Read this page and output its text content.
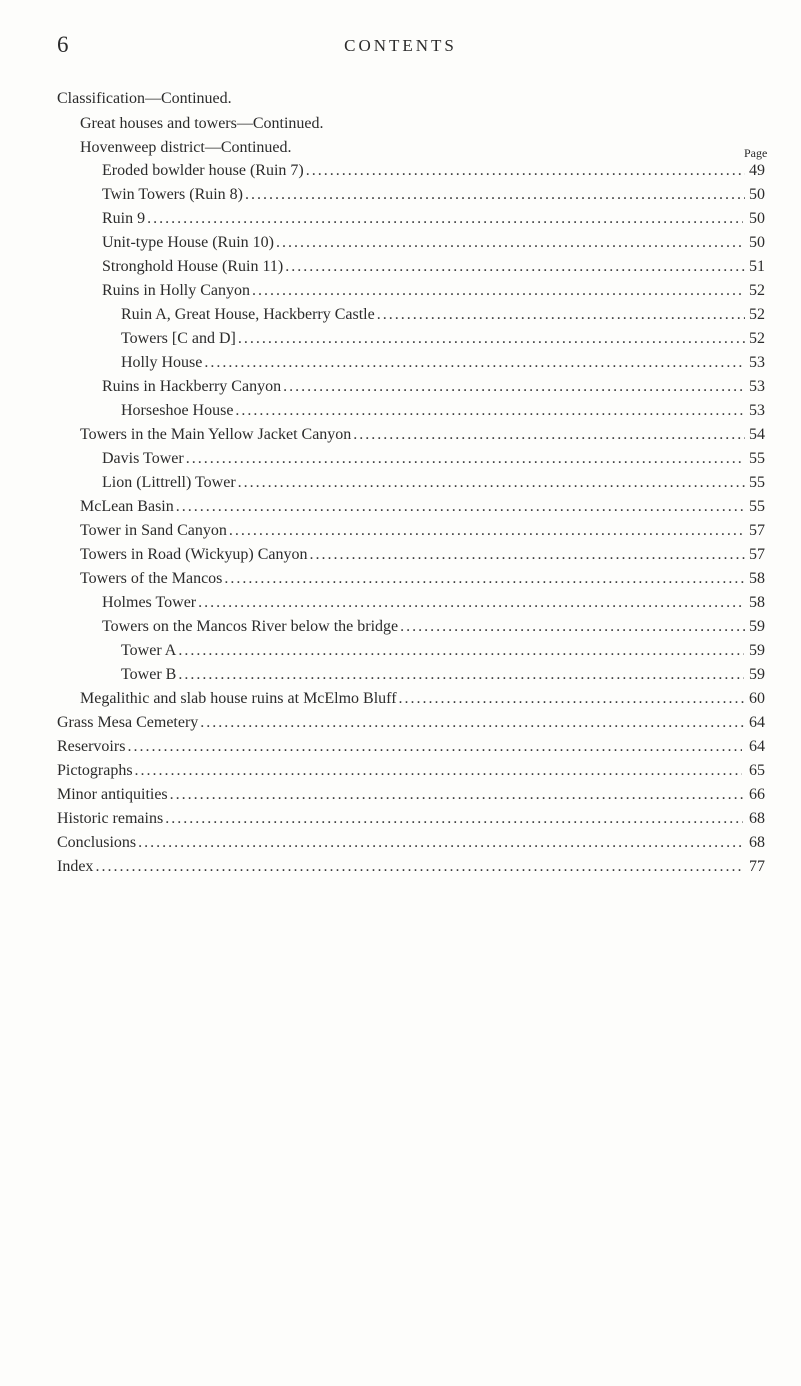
6	CONTENTS
Classification—Continued.
Great houses and towers—Continued.
Hovenweep district—Continued.	Page
Eroded bowlder house (Ruin 7) . . .	49
Twin Towers (Ruin 8) . . .	50
Ruin 9 . . .	50
Unit-type House (Ruin 10) . . .	50
Stronghold House (Ruin 11) . . .	51
Ruins in Holly Canyon . . .	52
Ruin A, Great House, Hackberry Castle . . .	52
Towers [C and D] . . .	52
Holly House . . .	53
Ruins in Hackberry Canyon . . .	53
Horseshoe House . . .	53
Towers in the Main Yellow Jacket Canyon . . .	54
Davis Tower . . .	55
Lion (Littrell) Tower . . .	55
McLean Basin . . .	55
Tower in Sand Canyon . . .	57
Towers in Road (Wickyup) Canyon . . .	57
Towers of the Mancos . . .	58
Holmes Tower . . .	58
Towers on the Mancos River below the bridge . . .	59
Tower A . . .	59
Tower B . . .	59
Megalithic and slab house ruins at McElmo Bluff . . .	60
Grass Mesa Cemetery . . .	64
Reservoirs . . .	64
Pictographs . . .	65
Minor antiquities . . .	66
Historic remains . . .	68
Conclusions . . .	68
Index . . .	77
